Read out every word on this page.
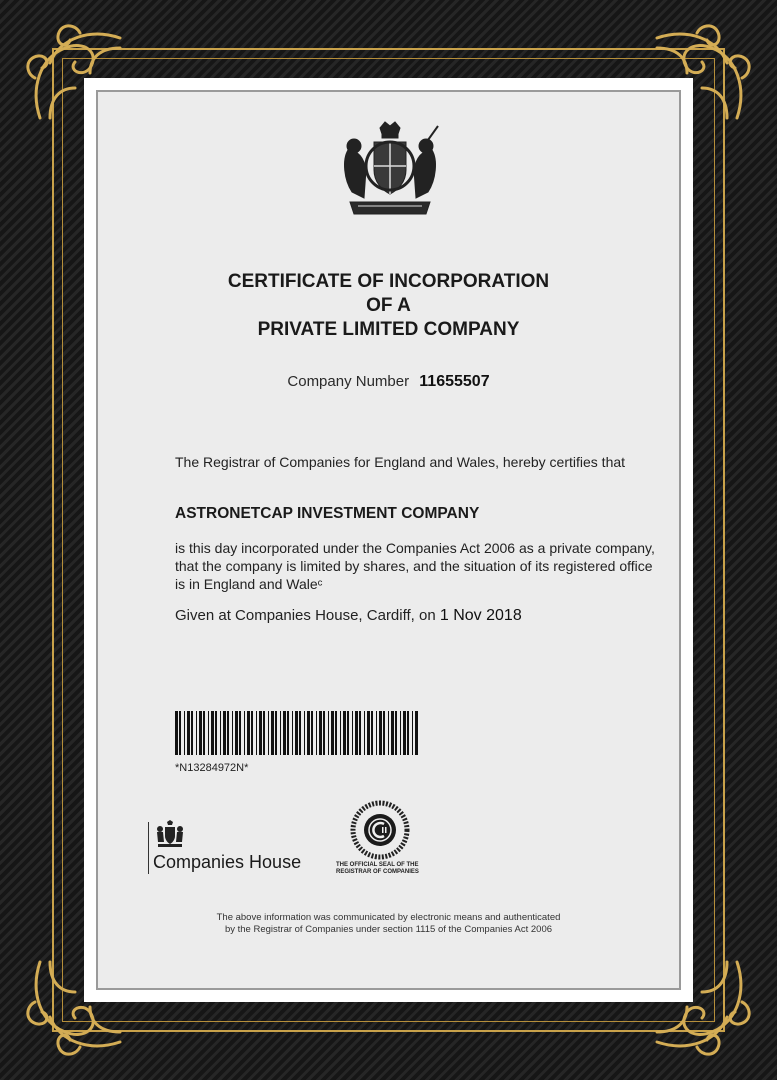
CERTIFICATE OF INCORPORATION
OF A
PRIVATE LIMITED COMPANY
Company Number 11655507
The Registrar of Companies for England and Wales, hereby certifies that
ASTRONETCAP INVESTMENT COMPANY
is this day incorporated under the Companies Act 2006 as a private company, that the company is limited by shares, and the situation of its registered office is in England and Waleᶜ
Given at Companies House, Cardiff, on 1 Nov 2018
*N13284972N*
Companies House	THE OFFICIAL SEAL OF THE REGISTRAR OF COMPANIES
The above information was communicated by electronic means and authenticated
by the Registrar of Companies under section 1115 of the Companies Act 2006
